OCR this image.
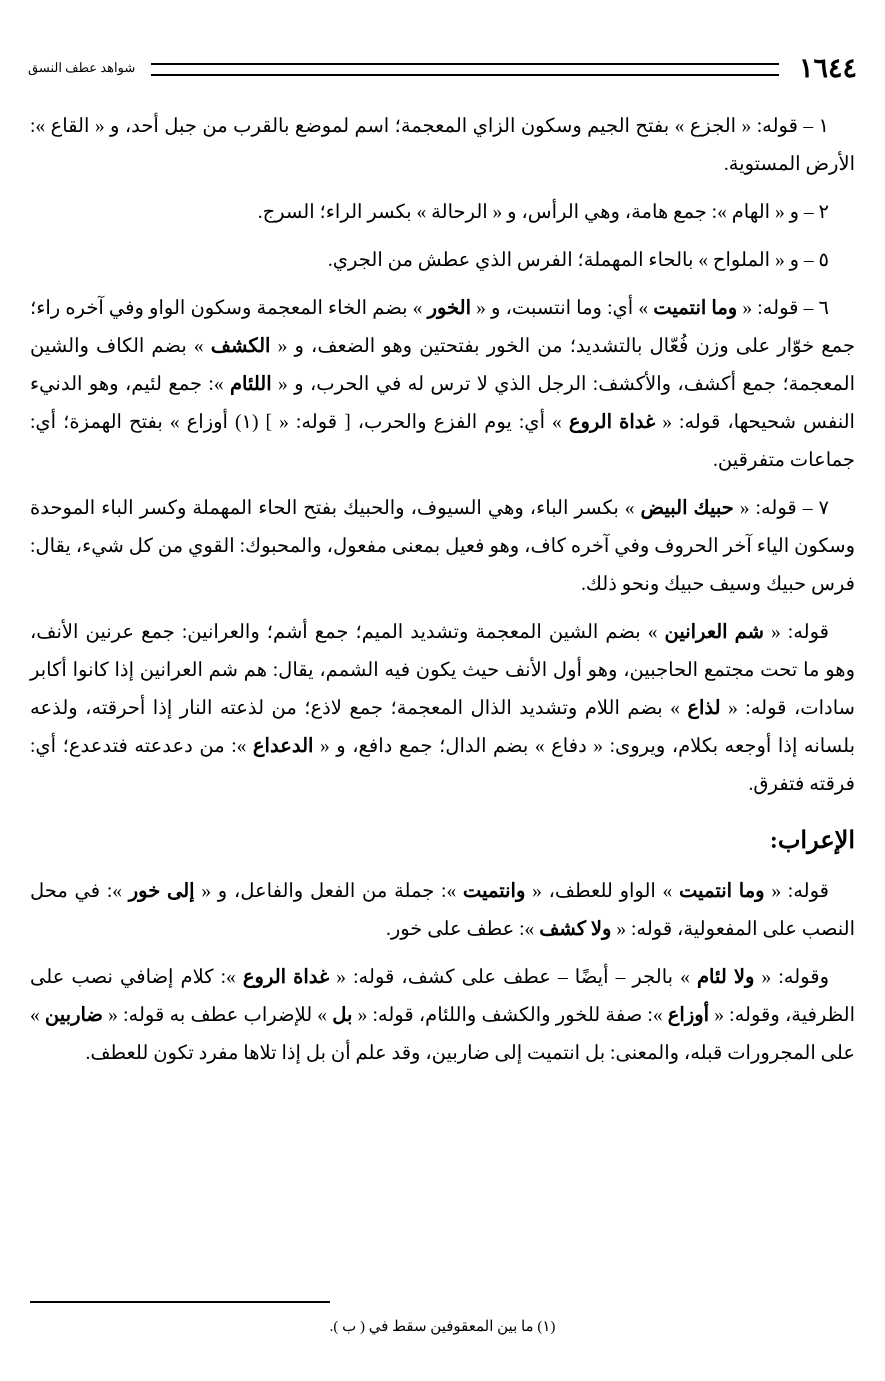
١٦٤٤
شواهد عطف النسق

١ – قوله: « الجزع » بفتح الجيم وسكون الزاي المعجمة؛ اسم لموضع بالقرب من جبل أحد، و « القاع »: الأرض المستوية.

٢ – و « الهام »: جمع هامة، وهي الرأس، و « الرحالة » بكسر الراء؛ السرج.

٥ – و « الملواح » بالحاء المهملة؛ الفرس الذي عطش من الجري.

٦ – قوله: « وما انتميت » أي: وما انتسبت، و « الخور » بضم الخاء المعجمة وسكون الواو وفي آخره راء؛ جمع خوّار على وزن فُعّال بالتشديد؛ من الخور بفتحتين وهو الضعف، و « الكشف » بضم الكاف والشين المعجمة؛ جمع أكشف، والأكشف: الرجل الذي لا ترس له في الحرب، و « اللئام »: جمع لئيم، وهو الدنيء النفس شحيحها، قوله: « غداة الروع » أي: يوم الفزع والحرب، [ قوله: « ] (١) أوزاع » بفتح الهمزة؛ أي: جماعات متفرقين.

٧ – قوله: « حبيك البيض » بكسر الباء، وهي السيوف، والحبيك بفتح الحاء المهملة وكسر الباء الموحدة وسكون الياء آخر الحروف وفي آخره كاف، وهو فعيل بمعنى مفعول، والمحبوك: القوي من كل شيء، يقال: فرس حبيك وسيف حبيك ونحو ذلك.

قوله: « شم العرانين » بضم الشين المعجمة وتشديد الميم؛ جمع أشم؛ والعرانين: جمع عرنين الأنف، وهو ما تحت مجتمع الحاجبين، وهو أول الأنف حيث يكون فيه الشمم، يقال: هم شم العرانين إذا كانوا أكابر سادات، قوله: « لذاع » بضم اللام وتشديد الذال المعجمة؛ جمع لاذع؛ من لذعته النار إذا أحرقته، ولذعه بلسانه إذا أوجعه بكلام، ويروى: « دفاع » بضم الدال؛ جمع دافع، و « الدعداع »: من دعدعته فتدعدع؛ أي: فرقته فتفرق.

الإعراب:

قوله: « وما انتميت » الواو للعطف، « وانتميت »: جملة من الفعل والفاعل، و « إلى خور »: في محل النصب على المفعولية، قوله: « ولا كشف »: عطف على خور.

وقوله: « ولا لئام » بالجر – أيضًا – عطف على كشف، قوله: « غداة الروع »: كلام إضافي نصب على الظرفية، وقوله: « أوزاع »: صفة للخور والكشف واللئام، قوله: « بل » للإضراب عطف به قوله: « ضاربين » على المجرورات قبله، والمعنى: بل انتميت إلى ضاربين، وقد علم أن بل إذا تلاها مفرد تكون للعطف.

(١) ما بين المعقوفين سقط في ( ب ).
